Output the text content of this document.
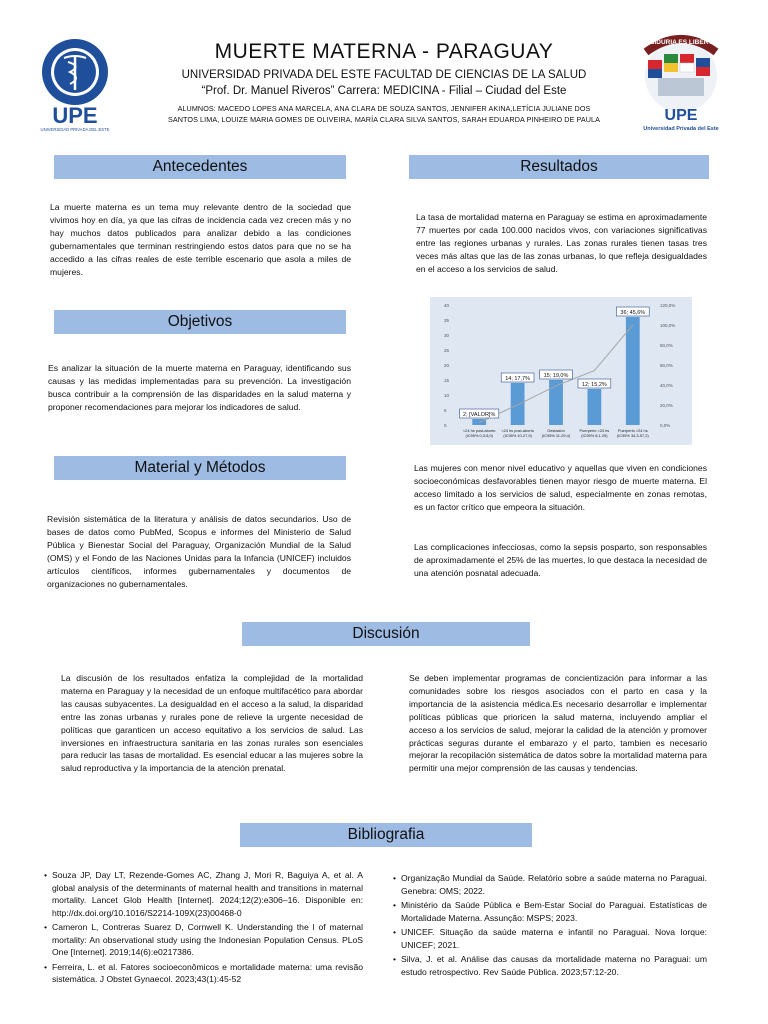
UPE
UNIVERSIDAD PRIVADA DEL ESTE
SABIDURIA ES LIBERTAD
UPE
Universidad Privada del Este
MUERTE MATERNA - PARAGUAY
UNIVERSIDAD PRIVADA DEL ESTE FACULTAD DE CIENCIAS DE LA SALUD
“Prof. Dr. Manuel Riveros” Carrera: MEDICINA - Filial – Ciudad del Este
ALUMNOS: MACEDO LOPES ANA MARCELA, ANA CLARA DE SOUZA SANTOS, JENNIFER AKINA,LETÍCIA JULIANE DOS
SANTOS LIMA, LOUIZE MARIA GOMES DE OLIVEIRA, MARÍA CLARA SILVA SANTOS, SARAH EDUARDA PINHEIRO DE PAULA
Antecedentes
La muerte materna es un tema muy relevante dentro de la sociedad que vivimos hoy en día, ya que las cifras de incidencia cada vez crecen más y no hay muchos datos publicados para analizar debido a las condiciones gubernamentales que terminan restringiendo estos datos para que no se ha accedido a las cifras reales de este terrible escenario que asola a miles de mujeres.
Objetivos
Es analizar la situación de la muerte materna en Paraguay, identificando sus causas y las medidas implementadas para su prevención. La investigación busca contribuir a la comprensión de las disparidades en la salud materna y proponer recomendaciones para mejorar los indicadores de salud.
Material y Métodos
Revisión sistemática de la literatura y análisis de datos secundarios. Uso de bases de datos como PubMed, Scopus e informes del Ministerio de Salud Pública y Bienestar Social del Paraguay, Organización Mundial de la Salud (OMS) y el Fondo de las Naciones Unidas para la Infancia (UNICEF) incluidos artículos científicos, informes gubernamentales y documentos de organizaciones no gubernamentales.
Resultados
La tasa de mortalidad materna en Paraguay se estima en aproximadamente 77 muertes por cada 100.000 nacidos vivos, con variaciones significativas entre las regiones urbanas y rurales. Las zonas rurales tienen tasas tres veces más altas que las de las zonas urbanas, lo que refleja desigualdades en el acceso a los servicios de salud.
0
5
10
15
20
25
30
35
40
0,0%
20,0%
40,0%
60,0%
80,0%
100,0%
120,0%
2; [VALOR]%
14; 17,7% 15; 19,0%
12; 15,2%
36; 45,6%
<24 hs post-aborto
(IC95% 0,3-8,0)
<24 hs post-aborto
(IC95% 10-27,9)
Gestación
(IC95% 11-29,4)
Puerperio <24 hs
(IC95% 8,1-25)
Puerperio >24 hs
(IC95% 34,3-57,2)
Las mujeres con menor nivel educativo y aquellas que viven en condiciones socioeconómicas desfavorables tienen mayor riesgo de muerte materna. El acceso limitado a los servicios de salud, especialmente en zonas remotas, es un factor crítico que empeora la situación.
Las complicaciones infecciosas, como la sepsis posparto, son responsables de aproximadamente el 25% de las muertes, lo que destaca la necesidad de una atención posnatal adecuada.
Discusión
La discusión de los resultados enfatiza la complejidad de la mortalidad materna en Paraguay y la necesidad de un enfoque multifacético para abordar las causas subyacentes. La desigualdad en el acceso a la salud, la disparidad entre las zonas urbanas y rurales pone de relieve la urgente necesidad de políticas que garanticen un acceso equitativo a los servicios de salud. Las inversiones en infraestructura sanitaria en las zonas rurales son esenciales para reducir las tasas de mortalidad. Es esencial educar a las mujeres sobre la salud reproductiva y la importancia de la atención prenatal.
Se deben implementar programas de concientización para informar a las comunidades sobre los riesgos asociados con el parto en casa y la importancia de la asistencia médica.Es necesario desarrollar e implementar políticas públicas que prioricen la salud materna, incluyendo ampliar el acceso a los servicios de salud, mejorar la calidad de la atención y promover prácticas seguras durante el embarazo y el parto, tambien es necesario mejorar la recopilación sistemática de datos sobre la mortalidad materna para permitir una mejor comprensión de las causas y tendencias.
Bibliografia
• Souza JP, Day LT, Rezende-Gomes AC, Zhang J, Mori R, Baguiya A, et al. A global analysis of the determinants of maternal health and transitions in maternal mortality. Lancet Glob Health [Internet]. 2024;12(2):e306–16. Disponible en: http://dx.doi.org/10.1016/S2214-109X(23)00468-0
• Cameron L, Contreras Suarez D, Cornwell K. Understanding the l of maternal mortality: An observational study using the Indonesian Population Census. PLoS One [Internet]. 2019;14(6):e0217386.
• Ferreira, L. et al. Fatores socioeconômicos e mortalidade materna: uma revisão sistemática. J Obstet Gynaecol. 2023;43(1):45-52
• Organização Mundial da Saúde. Relatório sobre a saúde materna no Paraguai. Genebra: OMS; 2022.
• Ministério da Saúde Pública e Bem-Estar Social do Paraguai. Estatísticas de Mortalidade Materna. Assunção: MSPS; 2023.
• UNICEF. Situação da saúde materna e infantil no Paraguai. Nova Iorque: UNICEF; 2021.
• Silva, J. et al. Análise das causas da mortalidade materna no Paraguai: um estudo retrospectivo. Rev Saúde Pública. 2023;57:12-20.
